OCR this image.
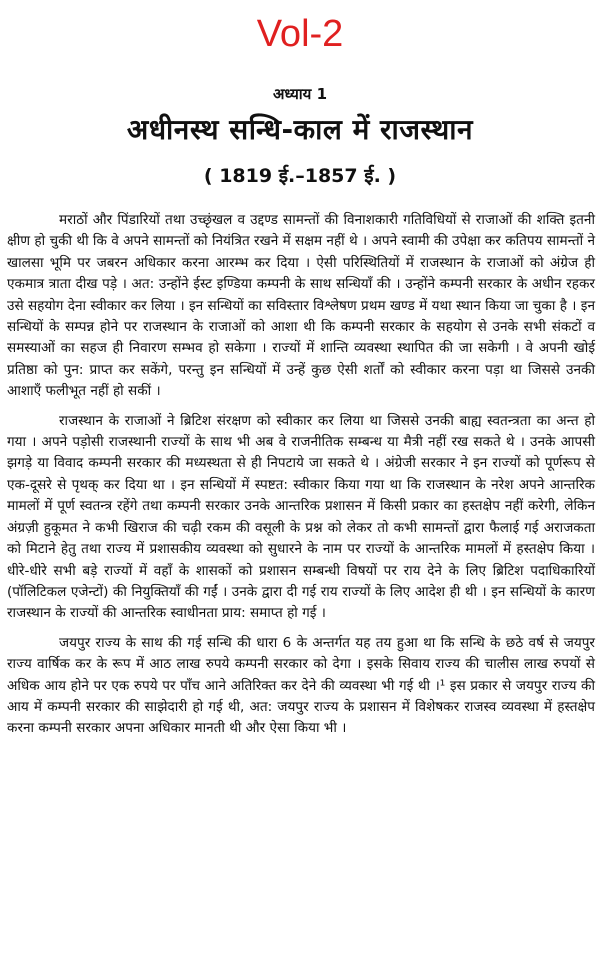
Vol-2
अध्याय 1
अधीनस्थ सन्धि-काल में राजस्थान
( 1819 ई.–1857 ई. )

मराठों और पिंडारियों तथा उच्छृंखल व उद्दण्ड सामन्तों की विनाशकारी गतिविधियों से राजाओं की शक्ति इतनी क्षीण हो चुकी थी कि वे अपने सामन्तों को नियंत्रित रखने में सक्षम नहीं थे । अपने स्वामी की उपेक्षा कर कतिपय सामन्तों ने खालसा भूमि पर जबरन अधिकार करना आरम्भ कर दिया । ऐसी परिस्थितियों में राजस्थान के राजाओं को अंग्रेज ही एकमात्र त्राता दीख पड़े । अत: उन्होंने ईस्ट इण्डिया कम्पनी के साथ सन्धियाँ की । उन्होंने कम्पनी सरकार के अधीन रहकर उसे सहयोग देना स्वीकार कर लिया । इन सन्धियों का सविस्तार विश्लेषण प्रथम खण्ड में यथा स्थान किया जा चुका है । इन सन्धियों के सम्पन्न होने पर राजस्थान के राजाओं को आशा थी कि कम्पनी सरकार के सहयोग से उनके सभी संकटों व समस्याओं का सहज ही निवारण सम्भव हो सकेगा । राज्यों में शान्ति व्यवस्था स्थापित की जा सकेगी । वे अपनी खोई प्रतिष्ठा को पुन: प्राप्त कर सकेंगे, परन्तु इन सन्धियों में उन्हें कुछ ऐसी शर्तों को स्वीकार करना पड़ा था जिससे उनकी आशाएँ फलीभूत नहीं हो सकीं ।

राजस्थान के राजाओं ने ब्रिटिश संरक्षण को स्वीकार कर लिया था जिससे उनकी बाह्य स्वतन्त्रता का अन्त हो गया । अपने पड़ोसी राजस्थानी राज्यों के साथ भी अब वे राजनीतिक सम्बन्ध या मैत्री नहीं रख सकते थे । उनके आपसी झगड़े या विवाद कम्पनी सरकार की मध्यस्थता से ही निपटाये जा सकते थे । अंग्रेजी सरकार ने इन राज्यों को पूर्णरूप से एक-दूसरे से पृथक् कर दिया था । इन सन्धियों में स्पष्टत: स्वीकार किया गया था कि राजस्थान के नरेश अपने आन्तरिक मामलों में पूर्ण स्वतन्त्र रहेंगे तथा कम्पनी सरकार उनके आन्तरिक प्रशासन में किसी प्रकार का हस्तक्षेप नहीं करेगी, लेकिन अंग्रज़ी हुकूमत ने कभी खिराज की चढ़ी रकम की वसूली के प्रश्न को लेकर तो कभी सामन्तों द्वारा फैलाई गई अराजकता को मिटाने हेतु तथा राज्य में प्रशासकीय व्यवस्था को सुधारने के नाम पर राज्यों के आन्तरिक मामलों में हस्तक्षेप किया । धीरे-धीरे सभी बड़े राज्यों में वहाँ के शासकों को प्रशासन सम्बन्धी विषयों पर राय देने के लिए ब्रिटिश पदाधिकारियों (पॉलिटिकल एजेन्टों) की नियुक्तियाँ की गईं । उनके द्वारा दी गई राय राज्यों के लिए आदेश ही थी । इन सन्धियों के कारण राजस्थान के राज्यों की आन्तरिक स्वाधीनता प्राय: समाप्त हो गई ।

जयपुर राज्य के साथ की गई सन्धि की धारा 6 के अन्तर्गत यह तय हुआ था कि सन्धि के छठे वर्ष से जयपुर राज्य वार्षिक कर के रूप में आठ लाख रुपये कम्पनी सरकार को देगा । इसके सिवाय राज्य की चालीस लाख रुपयों से अधिक आय होने पर एक रुपये पर पाँच आने अतिरिक्त कर देने की व्यवस्था भी गई थी ।¹ इस प्रकार से जयपुर राज्य की आय में कम्पनी सरकार की साझेदारी हो गई थी, अत: जयपुर राज्य के प्रशासन में विशेषकर राजस्व व्यवस्था में हस्तक्षेप करना कम्पनी सरकार अपना अधिकार मानती थी और ऐसा किया भी ।
